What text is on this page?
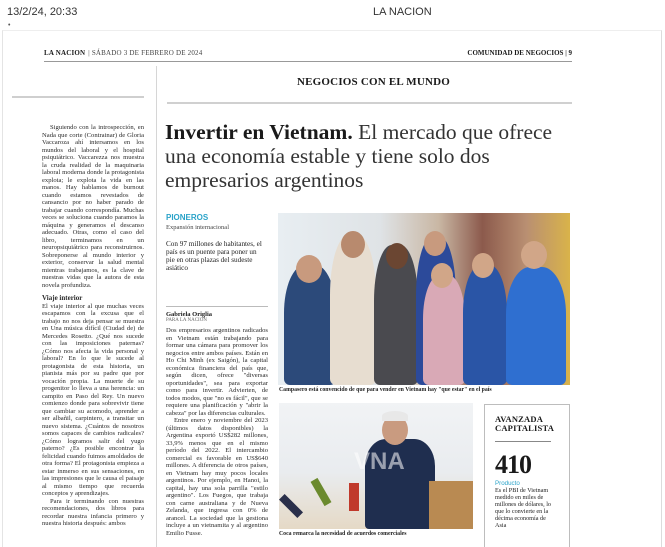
13/2/24, 20:33	LA NACION
•
LA NACION | SÁBADO 3 DE FEBRERO DE 2024	COMUNIDAD DE NEGOCIOS | 9

Siguiendo con la introspección, en Nada que corte (Contrainar) de Gloria Vaccaroza ahí intersamos en los mundos del laboral y el hospital psiquiátrico. Vaccarezza nos muestra la cruda realidad de la maquinaria laboral moderna donde la protagonista explota; le explota la vida en las manos. Hay hablamos de burnout cuando estamos revestados de cansancio por no haber parado de trabajar cuando correspondía. Muchas veces se soluciona cuando paramos la máquina y generamos el descanso adecuado. Otras, como el caso del libro, terminamos en un neuropsiquiátrico para reconstruirnos. Sobreponerse al mundo interior y exterior, conservar la salud mental mientras trabajamos, es la clave de nuestras vidas que la autora de esta novela profundiza.

Viaje interior

El viaje interior al que muchas veces escapamos con la excusa que el trabajo no nos deja pensar se muestra en Una música difícil (Ciudad de) de Mercedes Rosetto. ¿Qué nos sucede con las imposiciones paternas? ¿Cómo nos afecta la vida personal y laboral? En lo que le sucede al protagonista de esta historia, un pianista más por su padre que por vocación propia. La muerte de su progenitor lo lleva a una herencia: un campito en Paso del Rey. Un nuevo comienzo donde para sobrevivir tiene que cambiar su acomodo, aprender a ser albañil, carpintero, a transitar un nuevo sistema. ¿Cuántos de nosotros somos capaces de cambios radicales? ¿Cómo logramos salir del yugo paterno? ¿Es posible encontrar la felicidad cuando fuimos amoldados de otra forma? El protagonista empieza a estar inmerso en sus sensaciones, en las impresiones que le causa el paisaje al mismo tiempo que recuerda conceptos y aprendizajes.

Para ir terminando con nuestras recomendaciones, dos libros para recordar nuestra infancia primero y nuestra historia después: ambos

NEGOCIOS CON EL MUNDO
Invertir en Vietnam. El mercado que ofrece una economía estable y tiene solo dos empresarios argentinos
PIONEROS
Expansión internacional
Con 97 millones de habitantes, el país es un puente para poner un pie en otras plazas del sudeste asiático
Gabriela Origlia
PARA LA NACION

Dos empresarios argentinos radicados en Vietnam están trabajando para formar una cámara para promover los negocios entre ambos países. Están en Ho Chi Minh (ex Saigón), la capital económica financiera del país que, según dicen, ofrece "diversas oportunidades", sea para exportar como para invertir. Advierten, de todos modos, que "no es fácil", que se requiere una planificación y "abrir la cabeza" por las diferencias culturales.

Entre enero y noviembre del 2023 (últimos datos disponibles) la Argentina exportó US$282 millones, 33,9% menos que en el mismo período del 2022. El intercambio comercial es favorable en US$640 millones. A diferencia de otros países, en Vietnam hay muy pocos locales argentinos. Por ejemplo, en Hanoi, la capital, hay una sola parrilla "estilo argentino". Los Fuegos, que trabaja con carne australiana y de Nueva Zelanda, que ingresa con 0% de arancel. La sociedad que la gestiona incluye a un vietnamita y al argentino Emilio Fusse.

Campasero está convencido de que para vender en Vietnam hay "que estar" en el país
VNA
Coca remarca la necesidad de acuerdos comerciales
AVANZADA
CAPITALISTA
410
Producto
Es el PBI de Vietnam medido en miles de millones de dólares, lo que lo convierte en la décima economía de Asia
